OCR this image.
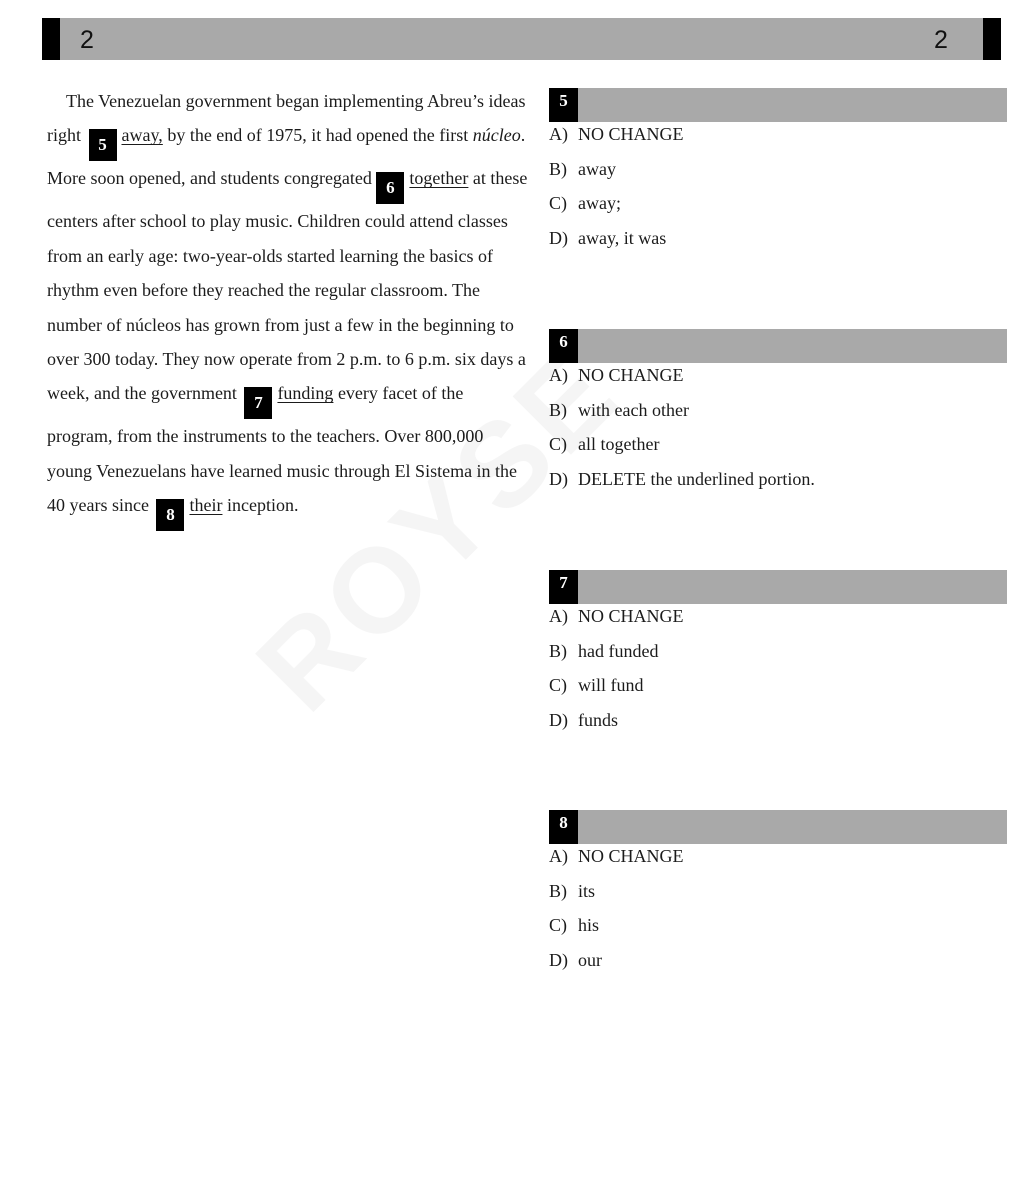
2	2

The Venezuelan government began implementing Abreu’s ideas right 5 away, by the end of 1975, it had opened the first núcleo. More soon opened, and students congregated 6 together at these centers after school to play music. Children could attend classes from an early age: two-year-olds started learning the basics of rhythm even before they reached the regular classroom. The number of núcleos has grown from just a few in the beginning to over 300 today. They now operate from 2 p.m. to 6 p.m. six days a week, and the government 7 funding every facet of the program, from the instruments to the teachers. Over 800,000 young Venezuelans have learned music through El Sistema in the 40 years since 8 their inception.

5
A) NO CHANGE
B) away
C) away;
D) away, it was
6
A) NO CHANGE
B) with each other
C) all together
D) DELETE the underlined portion.
7
A) NO CHANGE
B) had funded
C) will fund
D) funds
8
A) NO CHANGE
B) its
C) his
D) our
